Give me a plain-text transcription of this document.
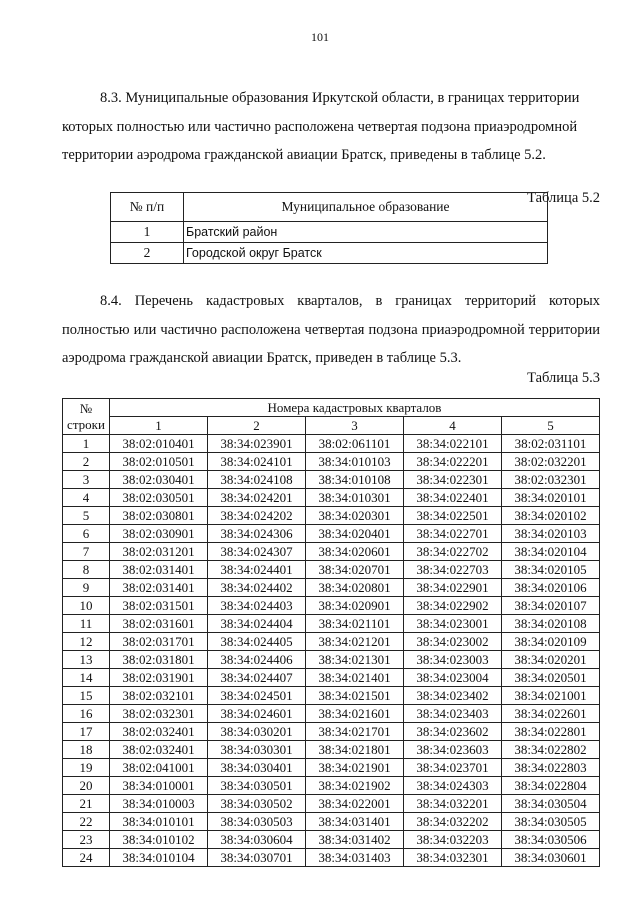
101

8.3. Муниципальные образования Иркутской области, в границах территории которых полностью или частично расположена четвертая подзона приаэродромной территории аэродрома гражданской авиации Братск, приведены в таблице 5.2.

Таблица 5.2
№ п/п	Муниципальное образование
1	Братский район
2	Городской округ Братск

8.4. Перечень кадастровых кварталов, в границах территорий которых полностью или частично расположена четвертая подзона приаэродромной территории аэродрома гражданской авиации Братск, приведен в таблице 5.3.

Таблица 5.3
№
строки	Номера кадастровых кварталов				
	1	2	3	4	5
1	38:02:010401	38:34:023901	38:02:061101	38:34:022101	38:02:031101
2	38:02:010501	38:34:024101	38:34:010103	38:34:022201	38:02:032201
3	38:02:030401	38:34:024108	38:34:010108	38:34:022301	38:02:032301
4	38:02:030501	38:34:024201	38:34:010301	38:34:022401	38:34:020101
5	38:02:030801	38:34:024202	38:34:020301	38:34:022501	38:34:020102
6	38:02:030901	38:34:024306	38:34:020401	38:34:022701	38:34:020103
7	38:02:031201	38:34:024307	38:34:020601	38:34:022702	38:34:020104
8	38:02:031401	38:34:024401	38:34:020701	38:34:022703	38:34:020105
9	38:02:031401	38:34:024402	38:34:020801	38:34:022901	38:34:020106
10	38:02:031501	38:34:024403	38:34:020901	38:34:022902	38:34:020107
11	38:02:031601	38:34:024404	38:34:021101	38:34:023001	38:34:020108
12	38:02:031701	38:34:024405	38:34:021201	38:34:023002	38:34:020109
13	38:02:031801	38:34:024406	38:34:021301	38:34:023003	38:34:020201
14	38:02:031901	38:34:024407	38:34:021401	38:34:023004	38:34:020501
15	38:02:032101	38:34:024501	38:34:021501	38:34:023402	38:34:021001
16	38:02:032301	38:34:024601	38:34:021601	38:34:023403	38:34:022601
17	38:02:032401	38:34:030201	38:34:021701	38:34:023602	38:34:022801
18	38:02:032401	38:34:030301	38:34:021801	38:34:023603	38:34:022802
19	38:02:041001	38:34:030401	38:34:021901	38:34:023701	38:34:022803
20	38:34:010001	38:34:030501	38:34:021902	38:34:024303	38:34:022804
21	38:34:010003	38:34:030502	38:34:022001	38:34:032201	38:34:030504
22	38:34:010101	38:34:030503	38:34:031401	38:34:032202	38:34:030505
23	38:34:010102	38:34:030604	38:34:031402	38:34:032203	38:34:030506
24	38:34:010104	38:34:030701	38:34:031403	38:34:032301	38:34:030601
